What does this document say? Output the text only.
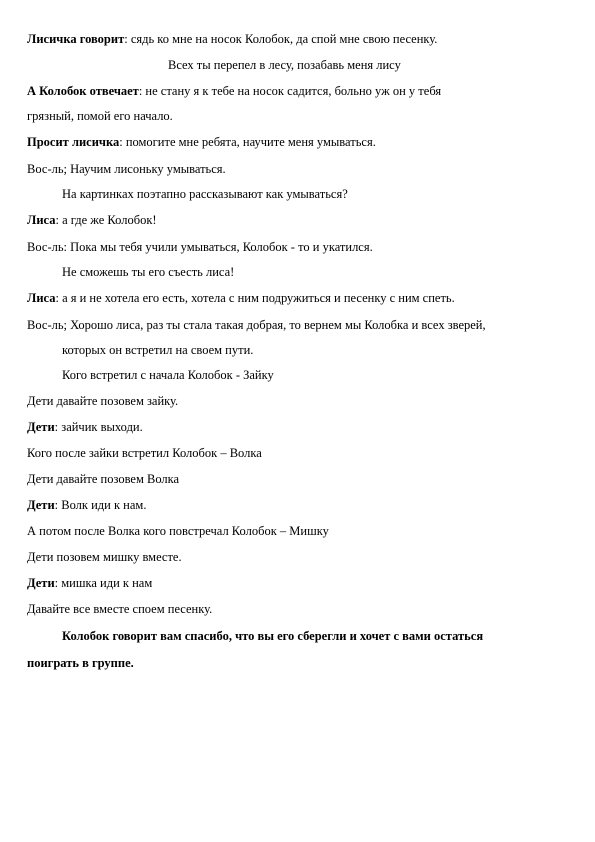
Лисичка говорит: сядь ко мне на носок Колобок, да спой мне свою песенку.
Всех ты перепел в лесу, позабавь меня лису
А Колобок отвечает: не стану я к тебе на носок садится, больно уж он у тебя
грязный, помой его начало.
Просит лисичка: помогите мне ребята, научите меня умываться.
Вос-ль; Научим лисоньку умываться.
На картинках поэтапно рассказывают как умываться?
Лиса: а где же Колобок!
Вос-ль: Пока мы тебя учили умываться, Колобок - то и укатился.
Не сможешь ты его съесть лиса!
Лиса: а я и не хотела его есть, хотела с ним подружиться и песенку с ним спеть.
Вос-ль; Хорошо лиса, раз ты стала такая добрая, то вернем мы Колобка и всех зверей,
которых он встретил на своем пути.
Кого встретил с начала Колобок - Зайку
Дети давайте позовем зайку.
Дети: зайчик выходи.
Кого после зайки встретил Колобок – Волка
Дети давайте позовем Волка
Дети: Волк иди к нам.
А потом после Волка кого повстречал Колобок – Мишку
Дети позовем мишку вместе.
Дети: мишка иди к нам
Давайте все вместе споем песенку.
Колобок говорит вам спасибо, что вы его сберегли и хочет с вами остаться
поиграть в группе.
